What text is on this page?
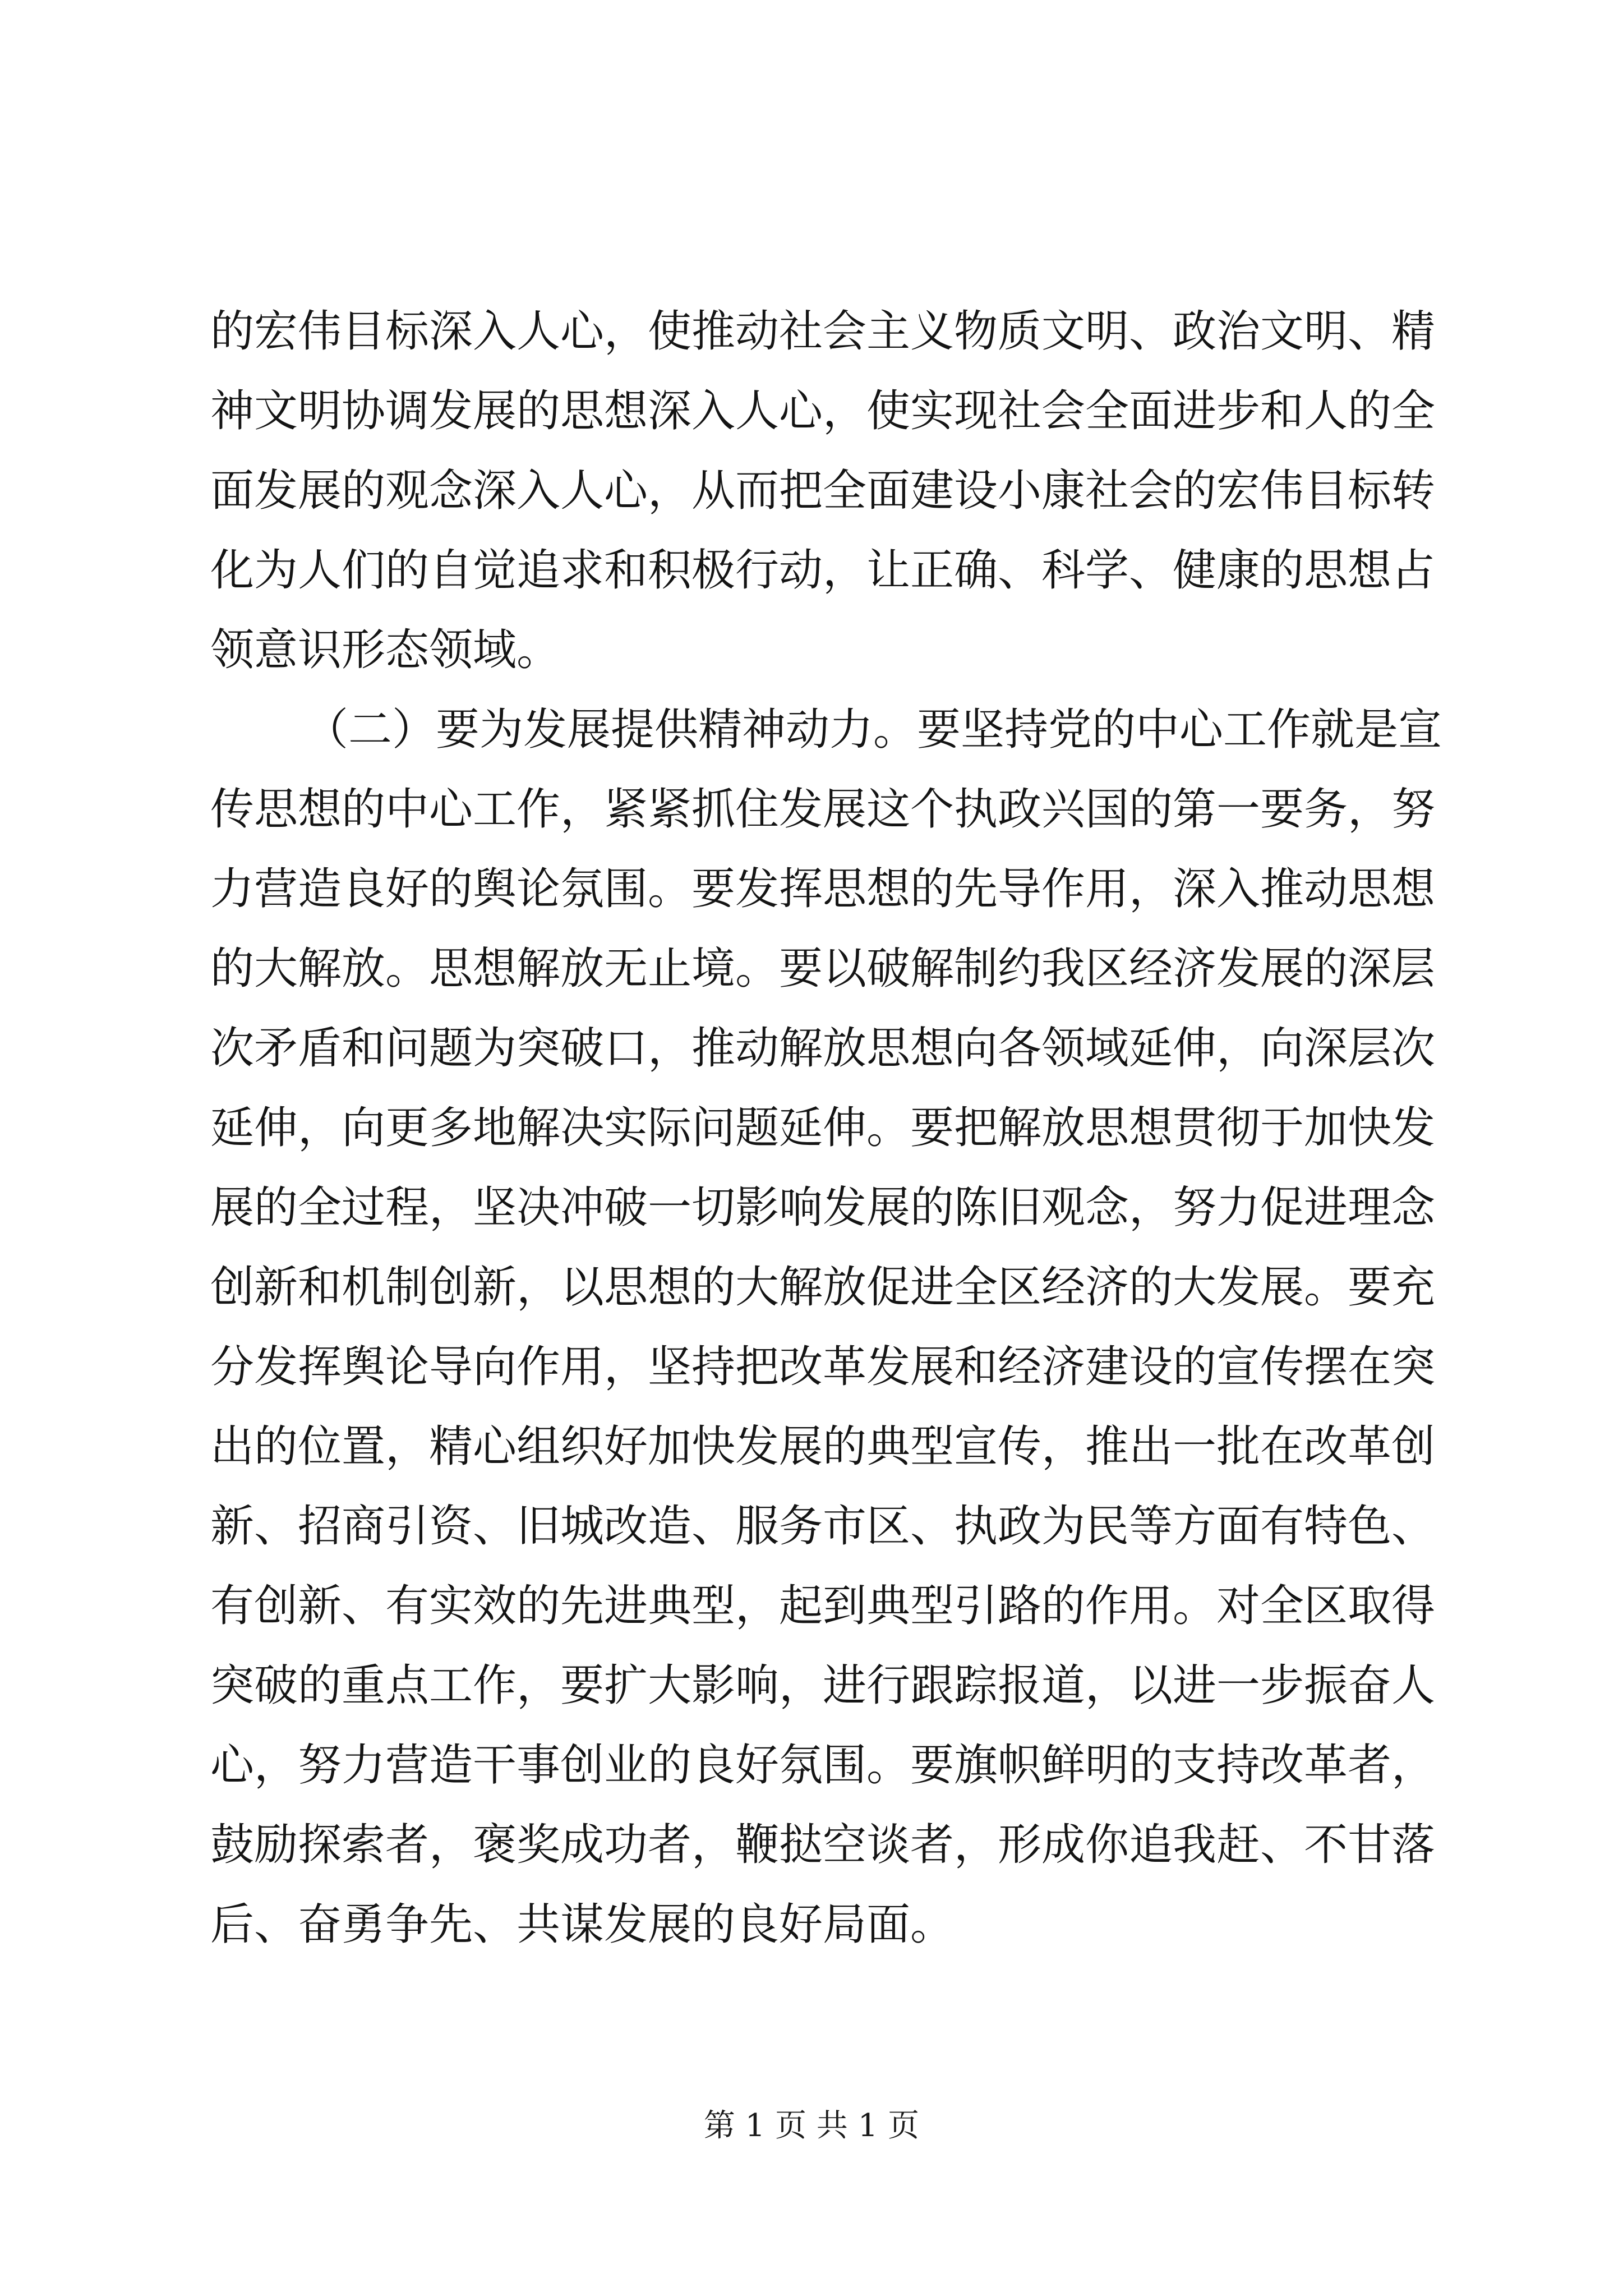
的宏伟目标深入人心，使推动社会主义物质文明、政治文明、精
神文明协调发展的思想深入人心，使实现社会全面进步和人的全
面发展的观念深入人心，从而把全面建设小康社会的宏伟目标转
化为人们的自觉追求和积极行动，让正确、科学、健康的思想占
领意识形态领域。
（二）要为发展提供精神动力。要坚持党的中心工作就是宣
传思想的中心工作，紧紧抓住发展这个执政兴国的第一要务，努
力营造良好的舆论氛围。要发挥思想的先导作用，深入推动思想
的大解放。思想解放无止境。要以破解制约我区经济发展的深层
次矛盾和问题为突破口，推动解放思想向各领域延伸，向深层次
延伸，向更多地解决实际问题延伸。要把解放思想贯彻于加快发
展的全过程，坚决冲破一切影响发展的陈旧观念，努力促进理念
创新和机制创新，以思想的大解放促进全区经济的大发展。要充
分发挥舆论导向作用，坚持把改革发展和经济建设的宣传摆在突
出的位置，精心组织好加快发展的典型宣传，推出一批在改革创
新、招商引资、旧城改造、服务市区、执政为民等方面有特色、
有创新、有实效的先进典型，起到典型引路的作用。对全区取得
突破的重点工作，要扩大影响，进行跟踪报道，以进一步振奋人
心，努力营造干事创业的良好氛围。要旗帜鲜明的支持改革者，
鼓励探索者，褒奖成功者，鞭挞空谈者，形成你追我赶、不甘落
后、奋勇争先、共谋发展的良好局面。
第 1 页 共 1 页
